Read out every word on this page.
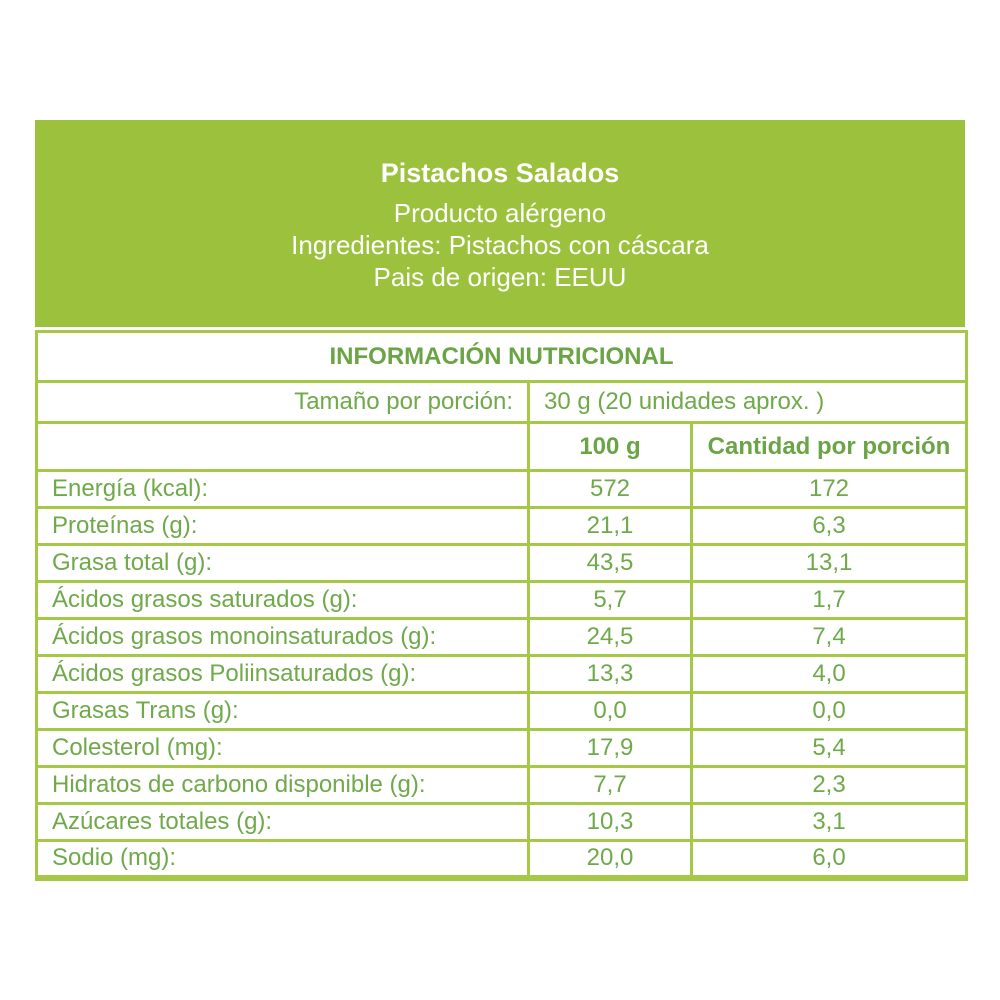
Pistachos Salados
Producto alérgeno
Ingredientes: Pistachos con cáscara
Pais de origen: EEUU
INFORMACIÓN NUTRICIONAL		
Tamaño por porción:	30 g (20 unidades aprox. )	
	100 g	Cantidad por porción
Energía (kcal):	572	172
Proteínas (g):	21,1	6,3
Grasa total (g):	43,5	13,1
Ácidos grasos saturados (g):	5,7	1,7
Ácidos grasos monoinsaturados (g):	24,5	7,4
Ácidos grasos Poliinsaturados (g):	13,3	4,0
Grasas Trans (g):	0,0	0,0
Colesterol (mg):	17,9	5,4
Hidratos de carbono disponible (g):	7,7	2,3
Azúcares totales (g):	10,3	3,1
Sodio (mg):	20,0	6,0
